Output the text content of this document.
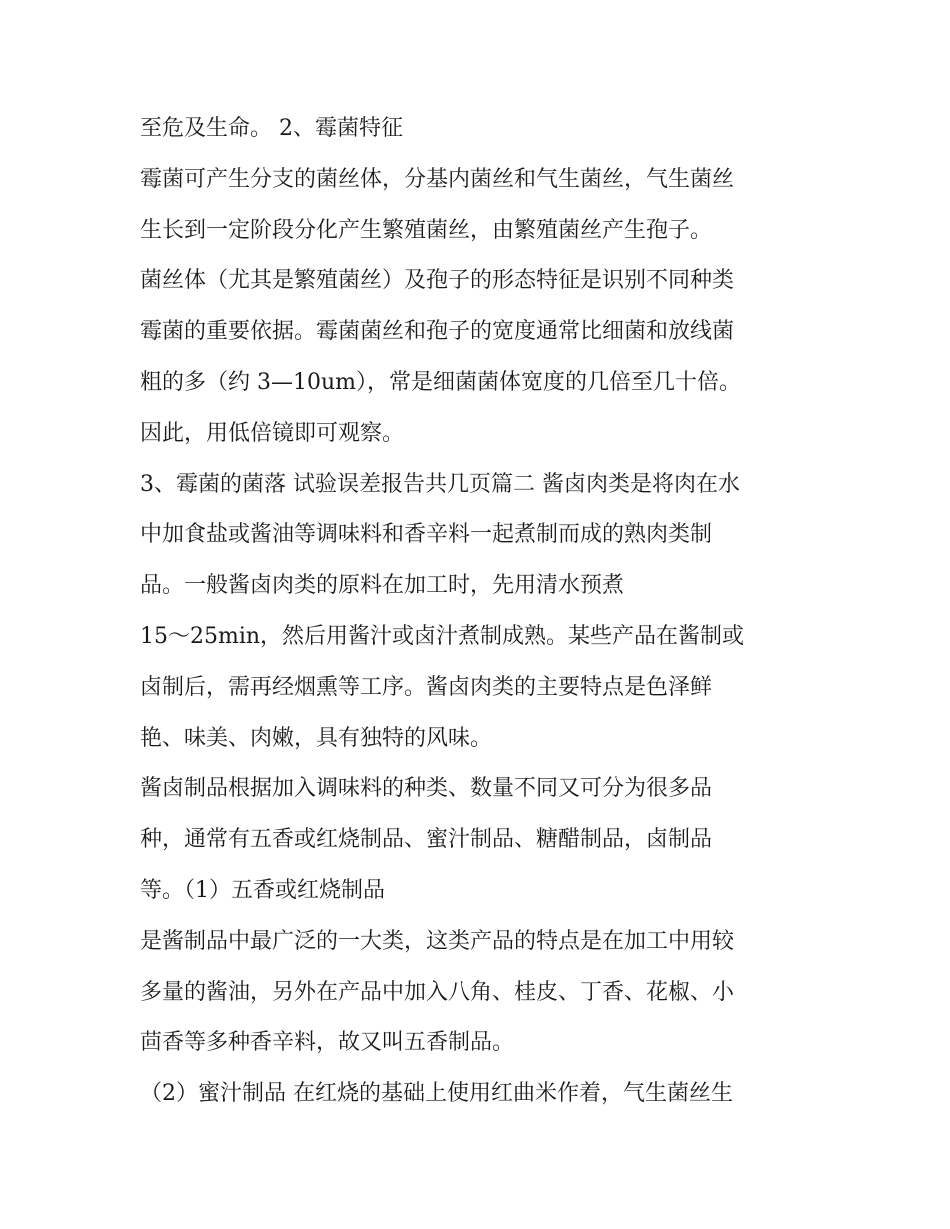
至危及生命。 2、霉菌特征
霉菌可产生分支的菌丝体，分基内菌丝和气生菌丝，气生菌丝
生长到一定阶段分化产生繁殖菌丝，由繁殖菌丝产生孢子。
菌丝体（尤其是繁殖菌丝）及孢子的形态特征是识别不同种类
霉菌的重要依据。霉菌菌丝和孢子的宽度通常比细菌和放线菌
粗的多（约 3—10um），常是细菌菌体宽度的几倍至几十倍。
因此，用低倍镜即可观察。
3、霉菌的菌落 试验误差报告共几页篇二 酱卤肉类是将肉在水
中加食盐或酱油等调味料和香辛料一起煮制而成的熟肉类制
品。一般酱卤肉类的原料在加工时，先用清水预煮
15～25min，然后用酱汁或卤汁煮制成熟。某些产品在酱制或
卤制后，需再经烟熏等工序。酱卤肉类的主要特点是色泽鲜
艳、味美、肉嫩，具有独特的风味。
酱卤制品根据加入调味料的种类、数量不同又可分为很多品
种，通常有五香或红烧制品、蜜汁制品、糖醋制品，卤制品
等。（1）五香或红烧制品
是酱制品中最广泛的一大类，这类产品的特点是在加工中用较
多量的酱油，另外在产品中加入八角、桂皮、丁香、花椒、小
茴香等多种香辛料，故又叫五香制品。
（2）蜜汁制品 在红烧的基础上使用红曲米作着，气生菌丝生
